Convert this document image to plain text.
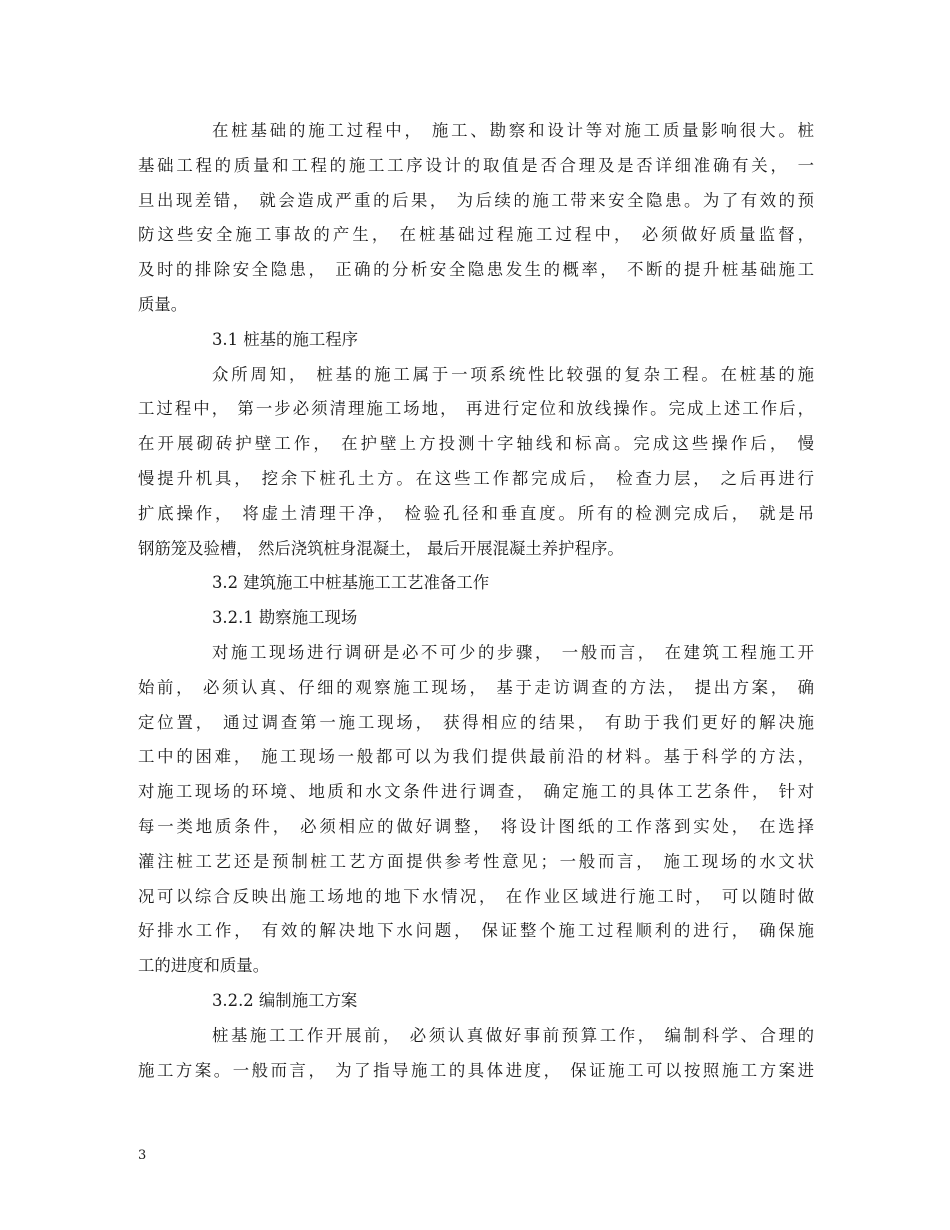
在桩基础的施工过程中， 施工、勘察和设计等对施工质量影响很大。桩
基础工程的质量和工程的施工工序设计的取值是否合理及是否详细准确有关， 一
旦出现差错， 就会造成严重的后果， 为后续的施工带来安全隐患。为了有效的预
防这些安全施工事故的产生， 在桩基础过程施工过程中， 必须做好质量监督，
及时的排除安全隐患， 正确的分析安全隐患发生的概率， 不断的提升桩基础施工
质量。
3.1 桩基的施工程序
众所周知， 桩基的施工属于一项系统性比较强的复杂工程。在桩基的施
工过程中， 第一步必须清理施工场地， 再进行定位和放线操作。完成上述工作后，
在开展砌砖护壁工作， 在护壁上方投测十字轴线和标高。完成这些操作后， 慢
慢提升机具， 挖余下桩孔土方。在这些工作都完成后， 检查力层， 之后再进行
扩底操作， 将虚土清理干净， 检验孔径和垂直度。所有的检测完成后， 就是吊
钢筋笼及验槽， 然后浇筑桩身混凝土， 最后开展混凝土养护程序。
3.2 建筑施工中桩基施工工艺准备工作
3.2.1 勘察施工现场
对施工现场进行调研是必不可少的步骤， 一般而言， 在建筑工程施工开
始前， 必须认真、仔细的观察施工现场， 基于走访调查的方法， 提出方案， 确
定位置， 通过调查第一施工现场， 获得相应的结果， 有助于我们更好的解决施
工中的困难， 施工现场一般都可以为我们提供最前沿的材料。基于科学的方法，
对施工现场的环境、地质和水文条件进行调查， 确定施工的具体工艺条件， 针对
每一类地质条件， 必须相应的做好调整， 将设计图纸的工作落到实处， 在选择
灌注桩工艺还是预制桩工艺方面提供参考性意见；一般而言， 施工现场的水文状
况可以综合反映出施工场地的地下水情况， 在作业区域进行施工时， 可以随时做
好排水工作， 有效的解决地下水问题， 保证整个施工过程顺利的进行， 确保施
工的进度和质量。
3.2.2 编制施工方案
桩基施工工作开展前， 必须认真做好事前预算工作， 编制科学、合理的
施工方案。一般而言， 为了指导施工的具体进度， 保证施工可以按照施工方案进
3
